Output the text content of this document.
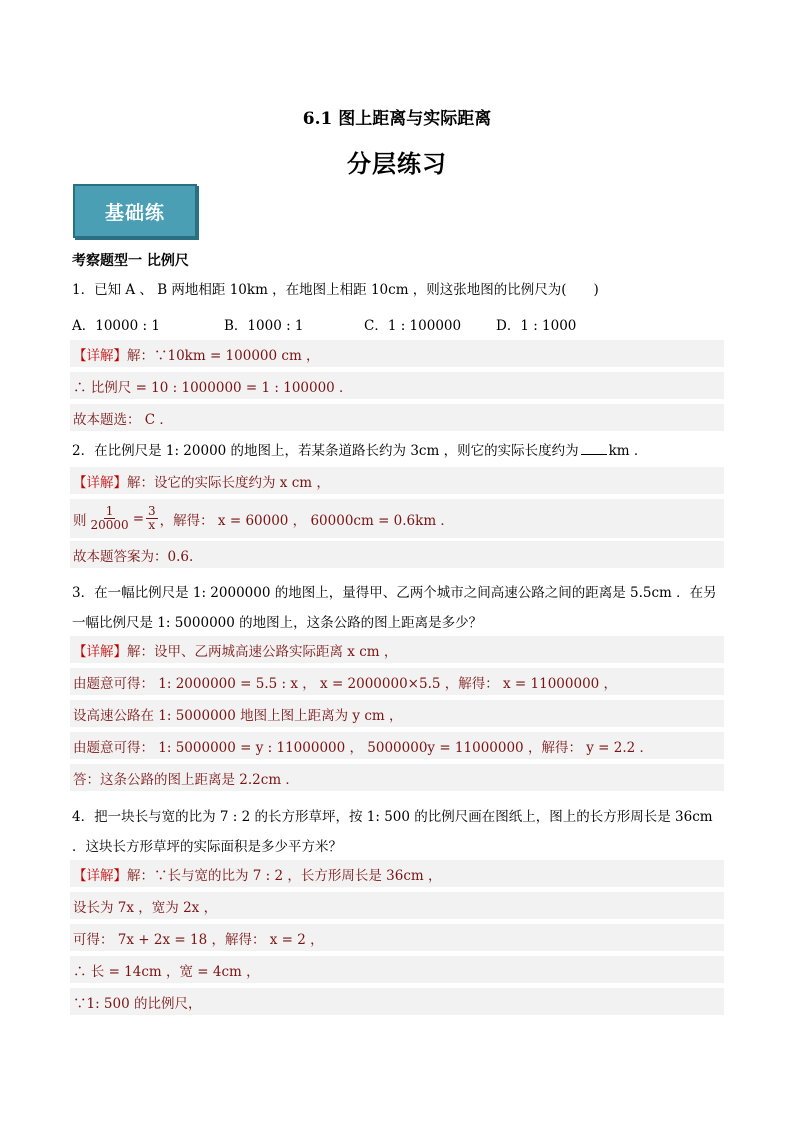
6.1 图上距离与实际距离
分层练习
基础练
考察题型一 比例尺
1．已知 A 、 B 两地相距 10km ，在地图上相距 10cm ，则这张地图的比例尺为(　　)
A．10000 : 1	B．1000 : 1	C．1 : 100000	D．1 : 1000
【详解】 解：∵10km = 100000 cm ，
∴ 比例尺 = 10 : 1000000 = 1 : 100000 ．
故本题选： C ．
2．在比例尺是 1: 20000 的地图上，若某条道路长约为 3cm ，则它的实际长度约为 km ．
【详解】 解：设它的实际长度约为 x cm ，
则 $\frac{1}{20000} = \frac{3}{x}$ ，解得： x = 60000 ， 60000cm = 0.6km ．
故本题答案为：0.6.
3．在一幅比例尺是 1: 2000000 的地图上，量得甲、乙两个城市之间高速公路之间的距离是 5.5cm ．在另一幅比例尺是 1: 5000000 的地图上，这条公路的图上距离是多少？
【详解】 解：设甲、乙两城高速公路实际距离 x cm ，
由题意可得： 1: 2000000 = 5.5 : x ， x = 2000000×5.5 ，解得： x = 11000000 ，
设高速公路在 1: 5000000 地图上图上距离为 y cm ，
由题意可得： 1: 5000000 = y : 11000000 ， 5000000y = 11000000 ，解得： y = 2.2 ．
答：这条公路的图上距离是 2.2cm ．
4．把一块长与宽的比为 7 : 2 的长方形草坪，按 1: 500 的比例尺画在图纸上，图上的长方形周长是 36cm ．这块长方形草坪的实际面积是多少平方米？
【详解】 解：∵长与宽的比为 7 : 2 ，长方形周长是 36cm ，
设长为 7x ，宽为 2x ，
可得： 7x + 2x = 18 ，解得： x = 2 ，
∴ 长 = 14cm ，宽 = 4cm ，
∵1: 500 的比例尺，
